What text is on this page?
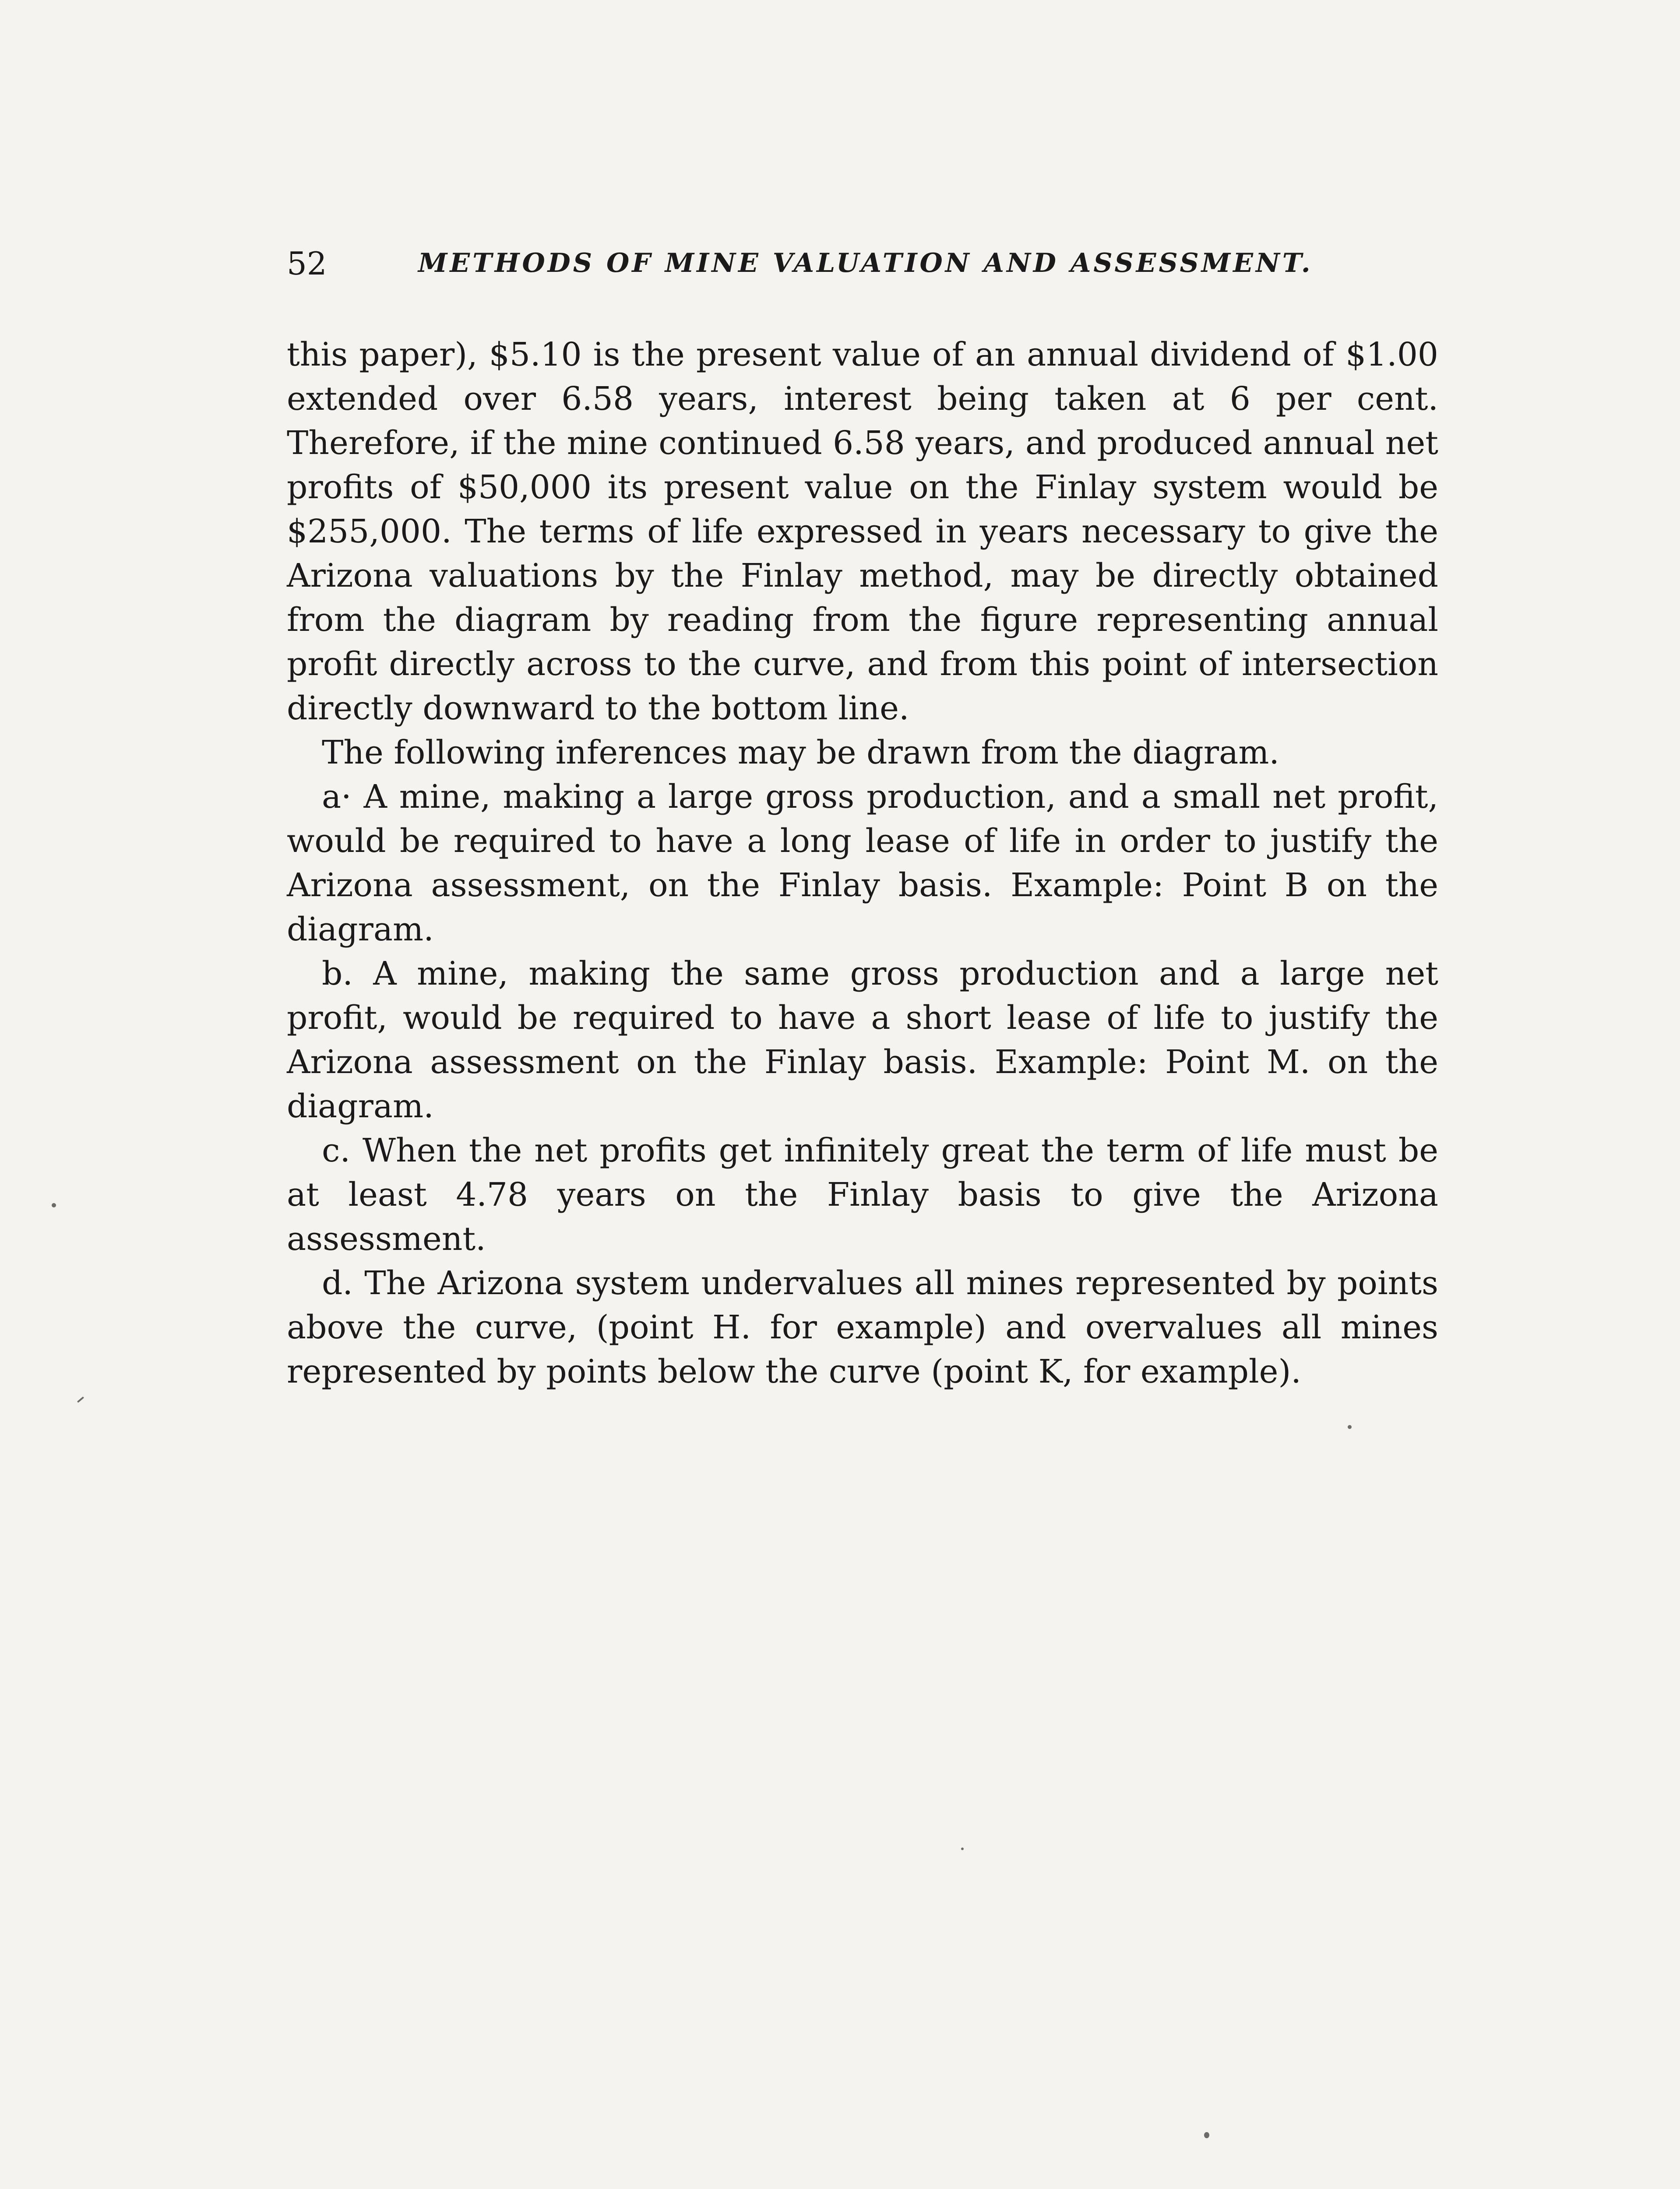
52	METHODS OF MINE VALUATION AND ASSESSMENT.

this paper), $5.10 is the present value of an annual dividend of $1.00 extended over 6.58 years, interest being taken at 6 per cent. Therefore, if the mine continued 6.58 years, and produced annual net profits of $50,000 its present value on the Finlay system would be $255,000. The terms of life expressed in years necessary to give the Arizona valuations by the Finlay method, may be directly obtained from the diagram by reading from the figure representing annual profit directly across to the curve, and from this point of intersection directly downward to the bottom line.

The following inferences may be drawn from the diagram.

a· A mine, making a large gross production, and a small net profit, would be required to have a long lease of life in order to justify the Arizona assessment, on the Finlay basis. Example: Point B on the diagram.

b. A mine, making the same gross production and a large net profit, would be required to have a short lease of life to justify the Arizona assessment on the Finlay basis. Example: Point M. on the diagram.

c. When the net profits get infinitely great the term of life must be at least 4.78 years on the Finlay basis to give the Arizona assessment.

d. The Arizona system undervalues all mines represented by points above the curve, (point H. for example) and overvalues all mines represented by points below the curve (point K, for example).
